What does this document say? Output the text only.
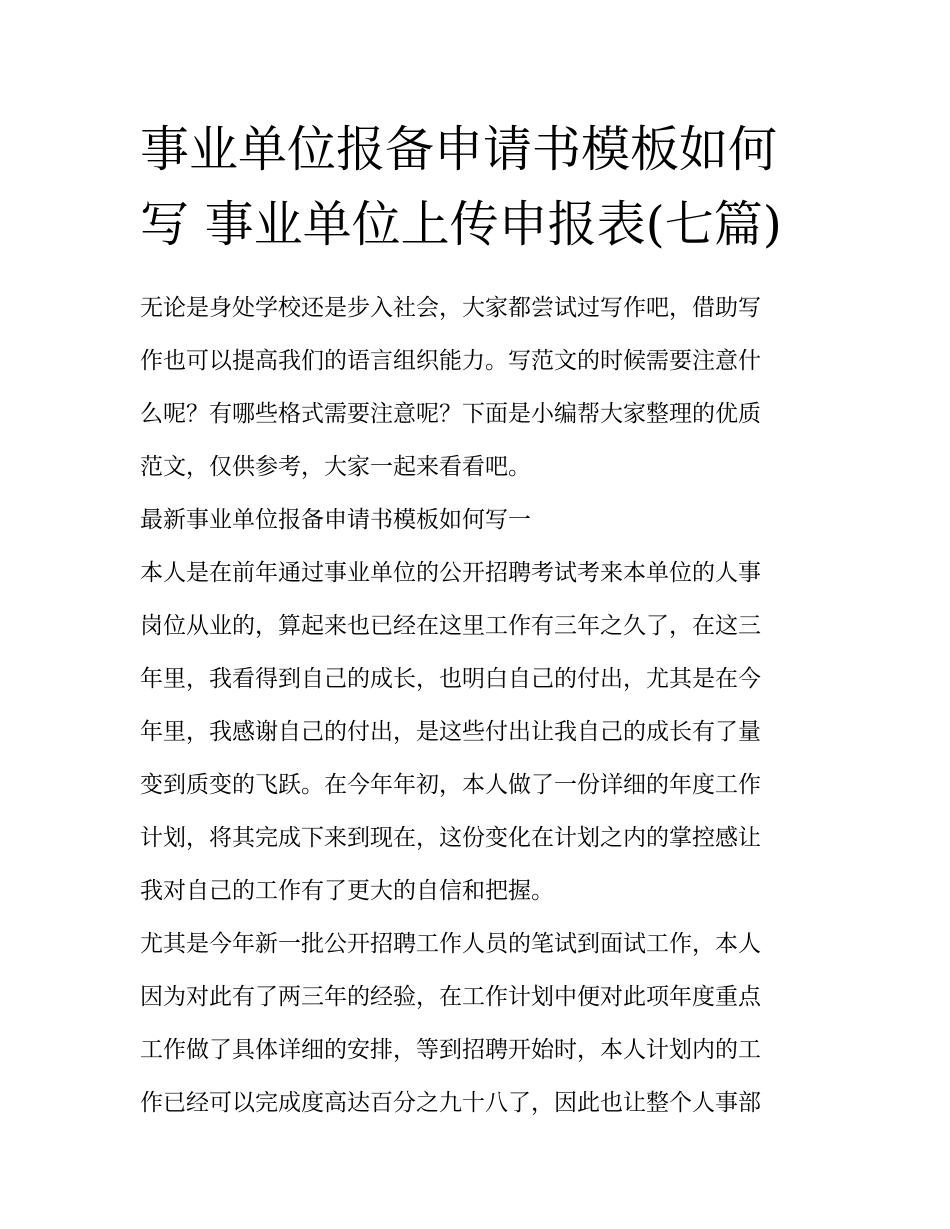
事业单位报备申请书模板如何
写 事业单位上传申报表(七篇)
无论是身处学校还是步入社会，大家都尝试过写作吧，借助写
作也可以提高我们的语言组织能力。写范文的时候需要注意什
么呢？有哪些格式需要注意呢？下面是小编帮大家整理的优质
范文，仅供参考，大家一起来看看吧。
最新事业单位报备申请书模板如何写一
本人是在前年通过事业单位的公开招聘考试考来本单位的人事
岗位从业的，算起来也已经在这里工作有三年之久了，在这三
年里，我看得到自己的成长，也明白自己的付出，尤其是在今
年里，我感谢自己的付出，是这些付出让我自己的成长有了量
变到质变的飞跃。在今年年初，本人做了一份详细的年度工作
计划，将其完成下来到现在，这份变化在计划之内的掌控感让
我对自己的工作有了更大的自信和把握。
尤其是今年新一批公开招聘工作人员的笔试到面试工作，本人
因为对此有了两三年的经验，在工作计划中便对此项年度重点
工作做了具体详细的安排，等到招聘开始时，本人计划内的工
作已经可以完成度高达百分之九十八了，因此也让整个人事部
